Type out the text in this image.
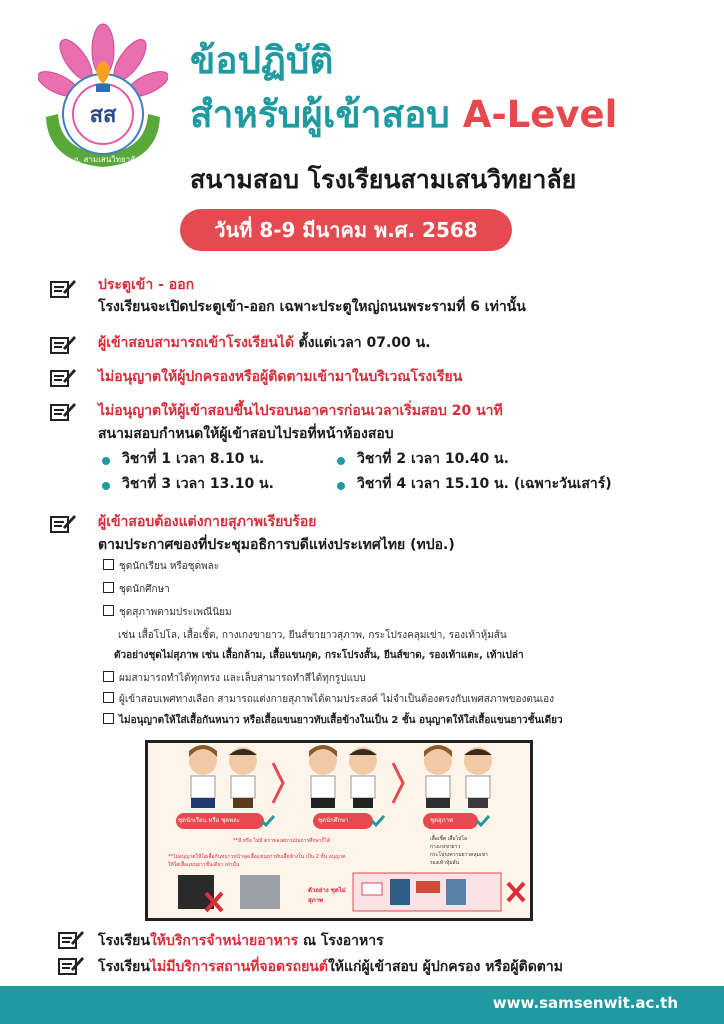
สส
ว.ภ. สามเสนวิทยาลัย
ข้อปฏิบัติ
สำหรับผู้เข้าสอบ A-Level
สนามสอบ โรงเรียนสามเสนวิทยาลัย
วันที่ 8-9 มีนาคม พ.ศ. 2568
ประตูเข้า - ออก
โรงเรียนจะเปิดประตูเข้า-ออก เฉพาะประตูใหญ่ถนนพระรามที่ 6 เท่านั้น
ผู้เข้าสอบสามารถเข้าโรงเรียนได้ ตั้งแต่เวลา 07.00 น.
ไม่อนุญาตให้ผู้ปกครองหรือผู้ติดตามเข้ามาในบริเวณโรงเรียน
ไม่อนุญาตให้ผู้เข้าสอบขึ้นไปรอบนอาคารก่อนเวลาเริ่มสอบ 20 นาที
สนามสอบกำหนดให้ผู้เข้าสอบไปรอที่หน้าห้องสอบ
วิชาที่ 1 เวลา 8.10 น.	วิชาที่ 2 เวลา 10.40 น.
วิชาที่ 3 เวลา 13.10 น.	วิชาที่ 4 เวลา 15.10 น. (เฉพาะวันเสาร์)
ผู้เข้าสอบต้องแต่งกายสุภาพเรียบร้อย
ตามประกาศของที่ประชุมอธิการบดีแห่งประเทศไทย (ทปอ.)
ชุดนักเรียน หรือชุดพละ
ชุดนักศึกษา
ชุดสุภาพตามประเพณีนิยม
เช่น เสื้อโปโล, เสื้อเชิ้ต, กางเกงขายาว, ยีนส์ขายาวสุภาพ, กระโปรงคลุมเข่า, รองเท้าหุ้มส้น
ตัวอย่างชุดไม่สุภาพ เช่น เสื้อกล้าม, เสื้อแขนกุด, กระโปรงสั้น, ยีนส์ขาด, รองเท้าแตะ, เท้าเปล่า
ผมสามารถทำได้ทุกทรง และเล็บสามารถทำสีได้ทุกรูปแบบ
ผู้เข้าสอบเพศทางเลือก สามารถแต่งกายสุภาพได้ตามประสงค์ ไม่จำเป็นต้องตรงกับเพศสภาพของตนเอง
ไม่อนุญาตให้ใส่เสื้อกันหนาว หรือเสื้อแขนยาวทับเสื้อข้างในเป็น 2 ชั้น อนุญาตให้ใส่เสื้อแขนยาวชั้นเดียว
ชุดนักเรียน หรือ ชุดพละ	ชุดนักศึกษา	ชุดสุภาพ
**มี หรือ ไม่มี ตราของสถานบันการศึกษาก็ได้
**ไม่อนุญาตให้ใส่เสื้อกันหนาวหน้าจุดเสื้อแขนยาวทับเสื้อข้างใน เป็น 2 ชั้น อนุญาตให้ใส่เสื้อแขนยาวชั้นเดียว เท่านั้น
เสื้อเชิ้ต เสื้อโปโล
กางเกงขายาว
กระโปรงความยาวคลุมเข่า
รองเท้าหุ้มส้น
ตัวอย่าง ชุดไม่สุภาพ
โรงเรียนให้บริการจำหน่ายอาหาร ณ โรงอาหาร
โรงเรียนไม่มีบริการสถานที่จอดรถยนต์ให้แก่ผู้เข้าสอบ ผู้ปกครอง หรือผู้ติดตาม
www.samsenwit.ac.th
